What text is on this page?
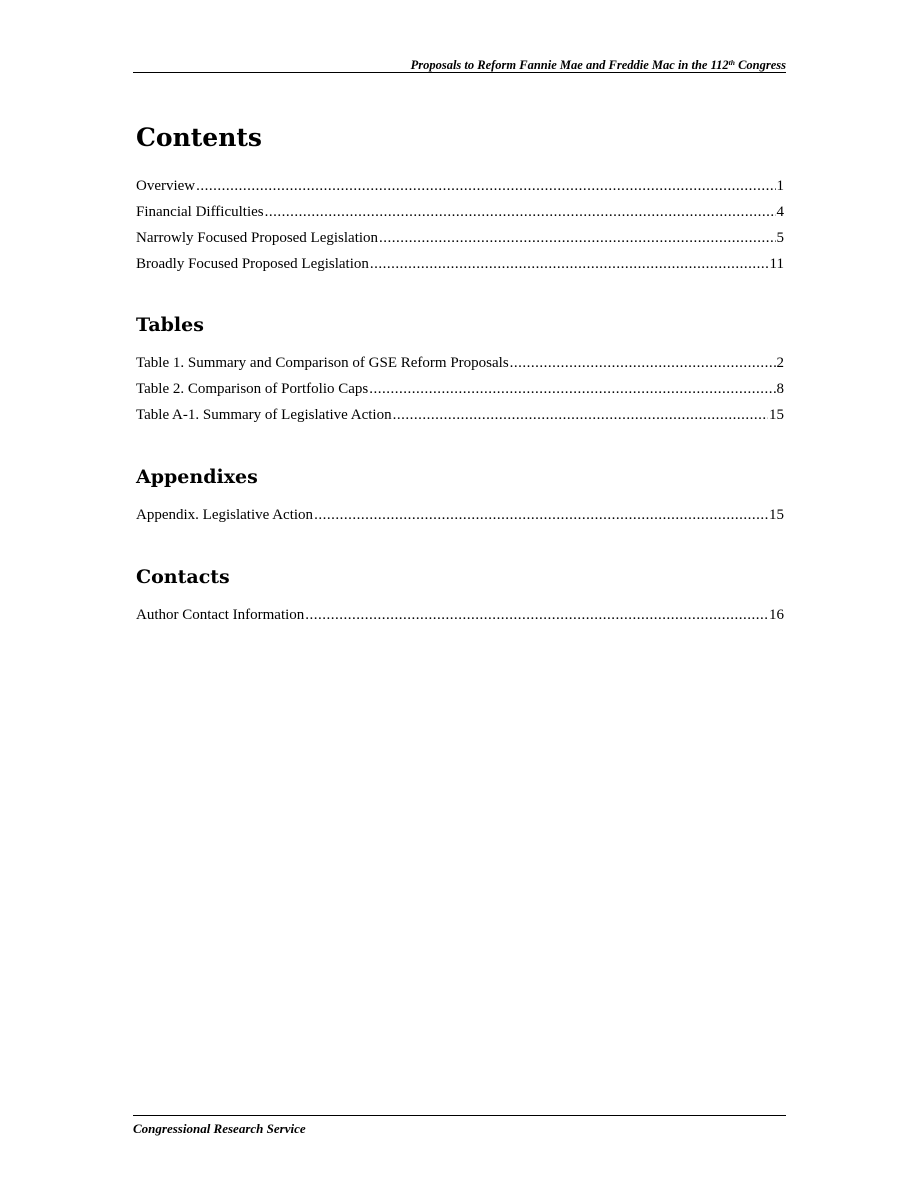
Proposals to Reform Fannie Mae and Freddie Mac in the 112th Congress
Contents
Overview .....	1
Financial Difficulties .....	4
Narrowly Focused Proposed Legislation .....	5
Broadly Focused Proposed Legislation .....	11
Tables
Table 1. Summary and Comparison of GSE Reform Proposals .....	2
Table 2. Comparison of Portfolio Caps .....	8
Table A-1. Summary of Legislative Action .....	15
Appendixes
Appendix. Legislative Action .....	15
Contacts
Author Contact Information .....	16
Congressional Research Service
